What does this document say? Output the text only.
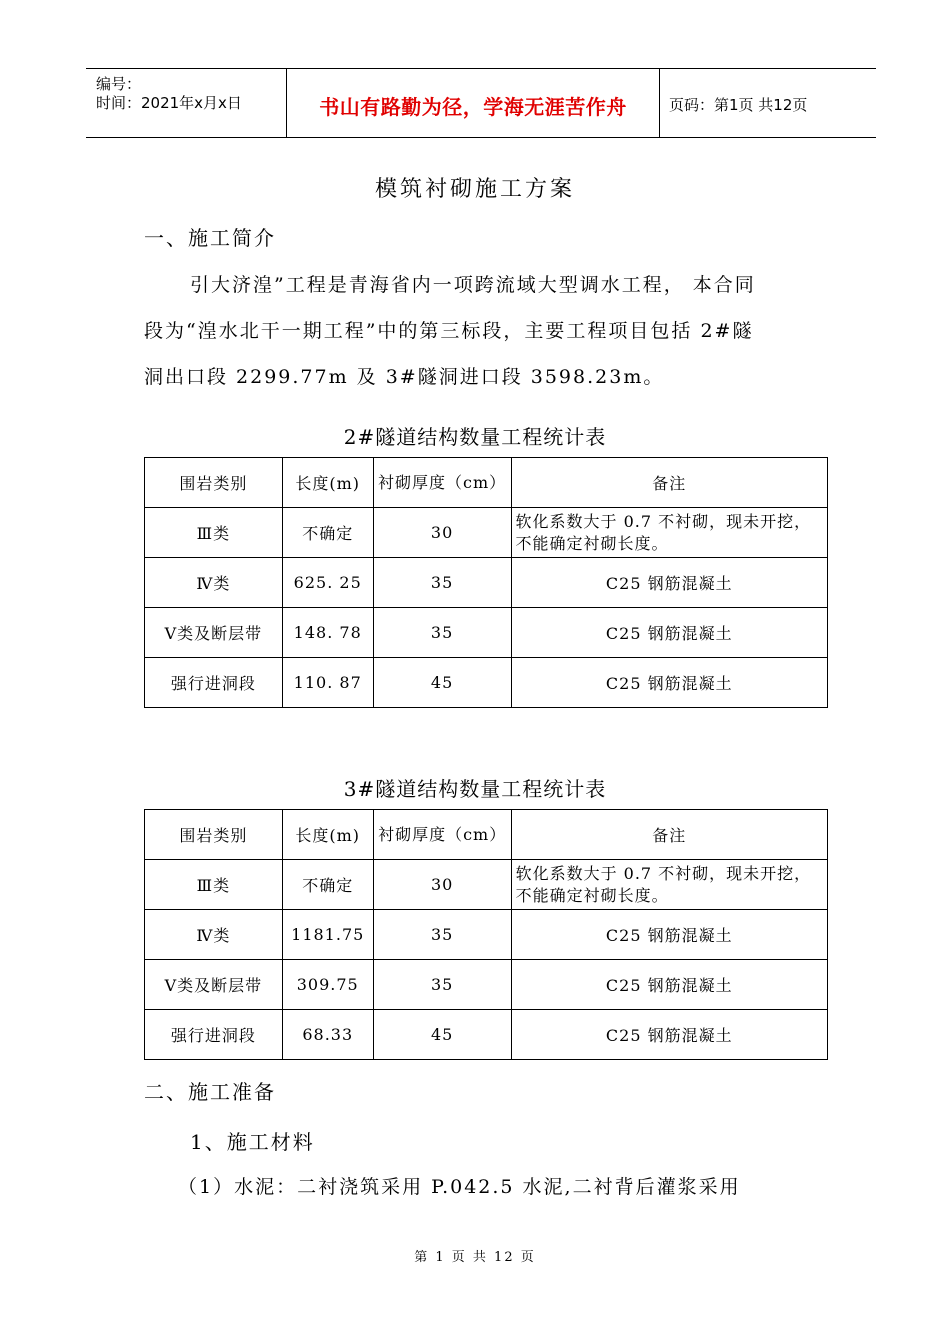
编号：
时间：2021年x月x日	书山有路勤为径，学海无涯苦作舟	页码：第1页 共12页
模筑衬砌施工方案
一、施工简介
引大济湟”工程是青海省内一项跨流域大型调水工程， 本合同
段为“湟水北干一期工程”中的第三标段，主要工程项目包括 2#隧
洞出口段 2299.77m 及 3#隧洞进口段 3598.23m。
2#隧道结构数量工程统计表
围岩类别	长度(m)	衬砌厚度（cm）	备注
Ⅲ类	不确定	30	软化系数大于 0.7 不衬砌，现未开挖，不能确定衬砌长度。
Ⅳ类	625. 25	35	C25 钢筋混凝土
Ⅴ类及断层带	148. 78	35	C25 钢筋混凝土
强行进洞段	110. 87	45	C25 钢筋混凝土
3#隧道结构数量工程统计表
围岩类别	长度(m)	衬砌厚度（cm）	备注
Ⅲ类	不确定	30	软化系数大于 0.7 不衬砌，现未开挖，不能确定衬砌长度。
Ⅳ类	1181.75	35	C25 钢筋混凝土
Ⅴ类及断层带	309.75	35	C25 钢筋混凝土
强行进洞段	68.33	45	C25 钢筋混凝土
二、施工准备
1、施工材料
（1）水泥：二衬浇筑采用 P.042.5 水泥,二衬背后灌浆采用
第 1 页 共 12 页
